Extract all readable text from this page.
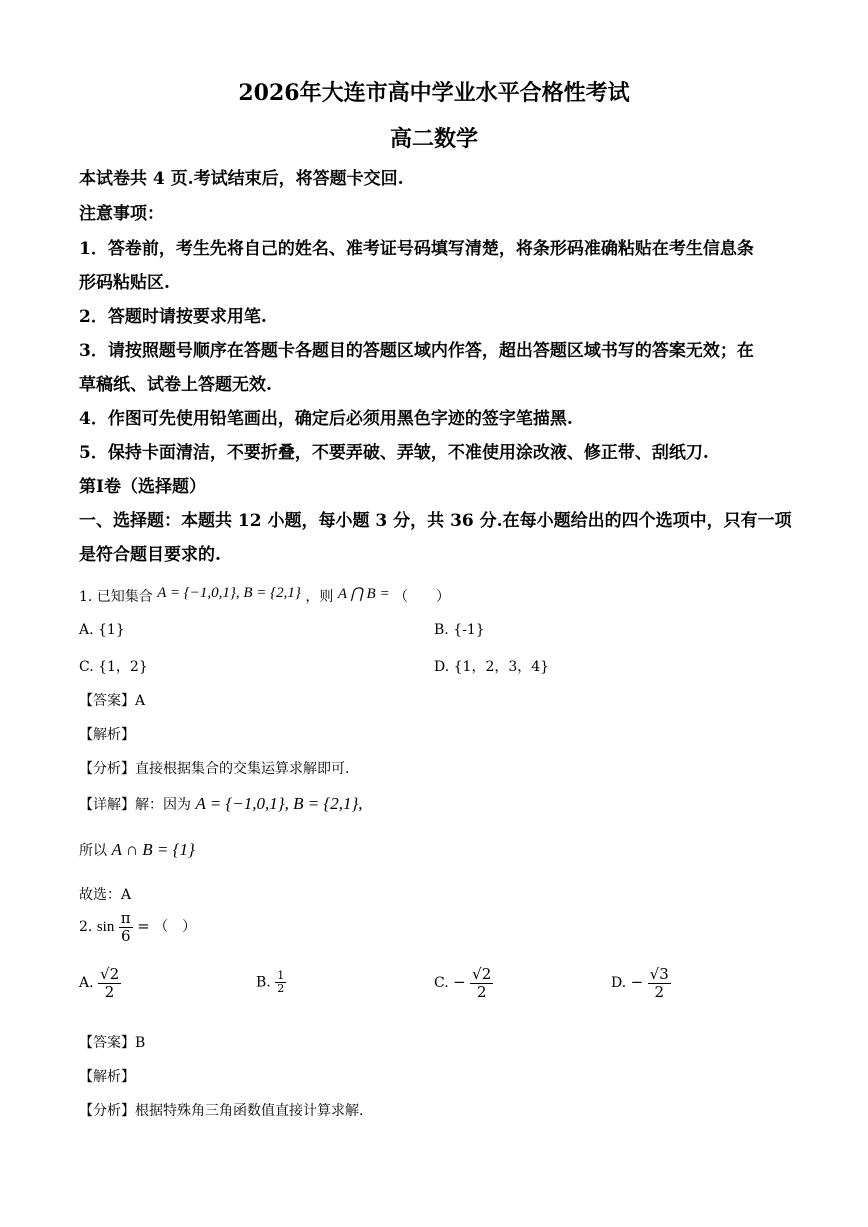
2026年大连市高中学业水平合格性考试
高二数学
本试卷共 4 页.考试结束后，将答题卡交回.
注意事项：
1．答卷前，考生先将自己的姓名、准考证号码填写清楚，将条形码准确粘贴在考生信息条
形码粘贴区.
2．答题时请按要求用笔.
3．请按照题号顺序在答题卡各题目的答题区域内作答，超出答题区域书写的答案无效；在
草稿纸、试卷上答题无效.
4．作图可先使用铅笔画出，确定后必须用黑色字迹的签字笔描黑.
5．保持卡面清洁，不要折叠，不要弄破、弄皱，不准使用涂改液、修正带、刮纸刀.
第Ⅰ卷（选择题）
一、选择题：本题共 12 小题，每小题 3 分，共 36 分.在每小题给出的四个选项中，只有一项
是符合题目要求的.
1. 已知集合 A = {−1,0,1}, B = {2,1} ，则 A ⋂ B = （　　）
A. {1}	B. {-1}
C. {1，2}	D. {1，2，3，4}
【答案】A
【解析】
【分析】直接根据集合的交集运算求解即可.
【详解】解：因为 A = {−1,0,1}, B = {2,1},
所以 A ∩ B = {1}
故选：A
2. $\sin \frac{\pi}{6}$ = （　）
A. $\frac{√2}{2}$	B. $\frac{1}{2}$	C. − $\frac{√2}{2}$	D. − $\frac{√3}{2}$
【答案】B
【解析】
【分析】根据特殊角三角函数值直接计算求解.
